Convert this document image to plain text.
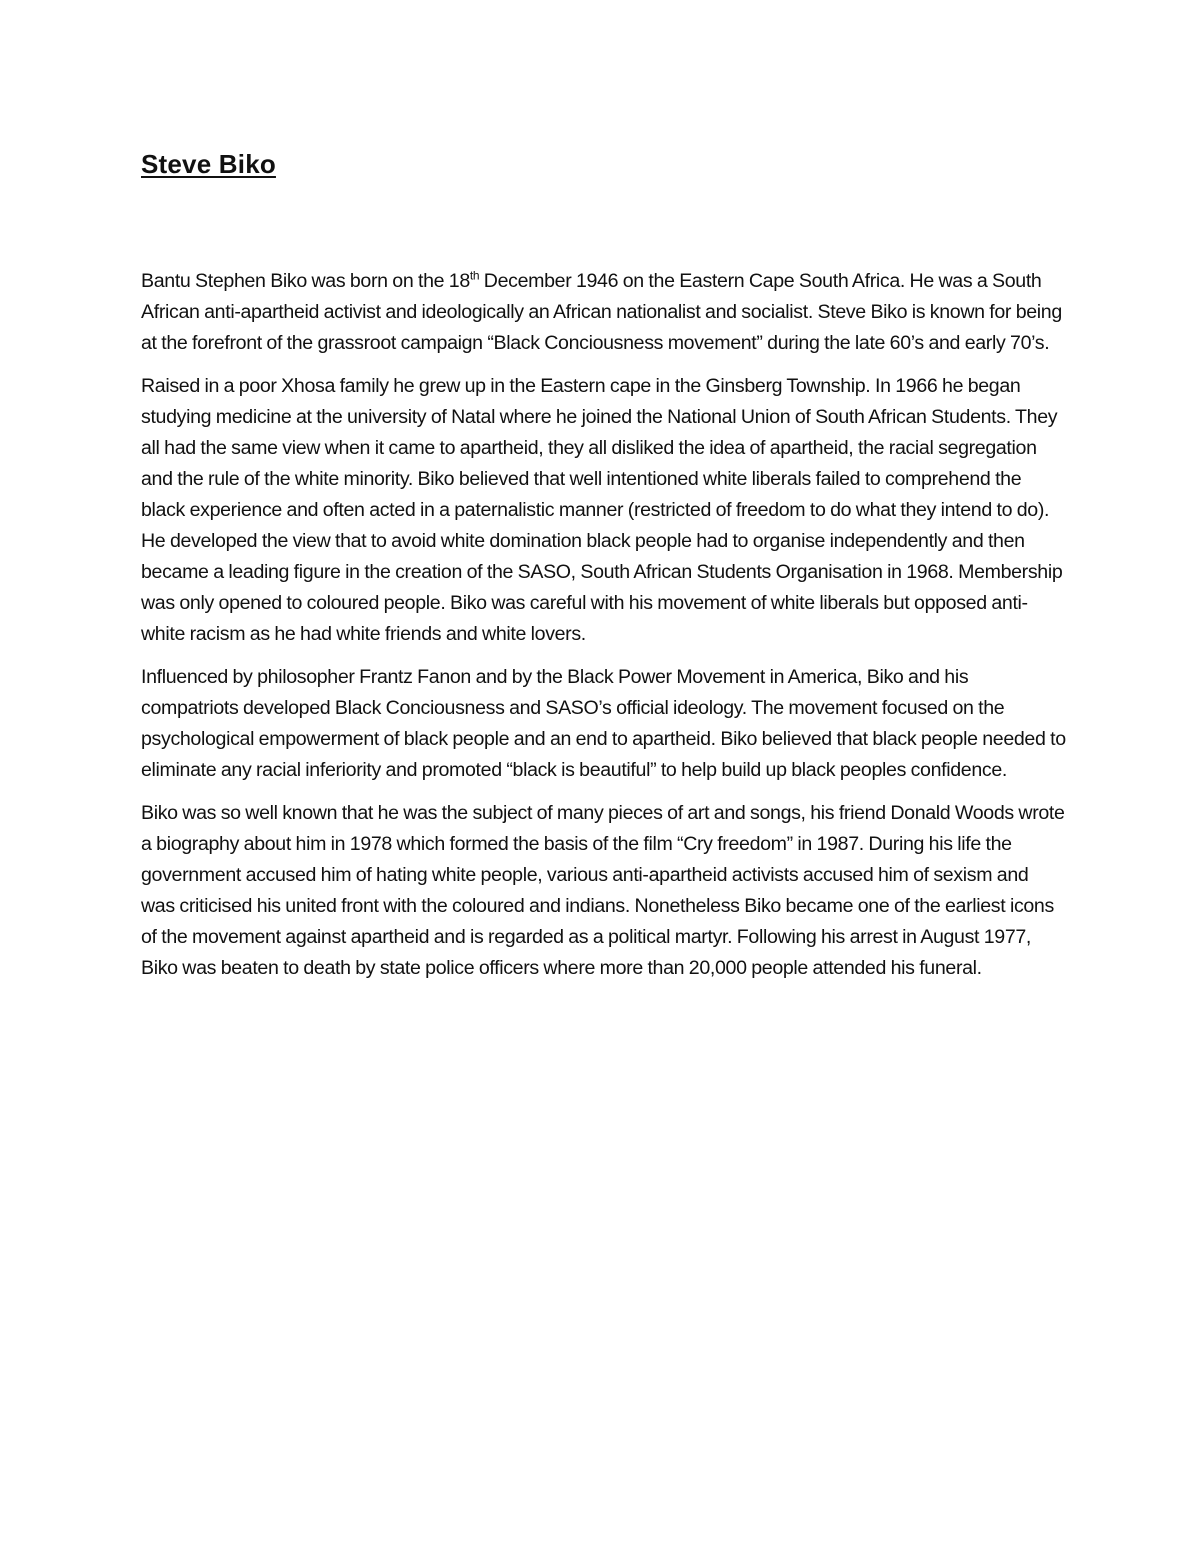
Steve Biko

Bantu Stephen Biko was born on the 18th December 1946 on the Eastern Cape South Africa. He was a South African anti-apartheid activist and ideologically an African nationalist and socialist. Steve Biko is known for being at the forefront of the grassroot campaign “Black Conciousness movement” during the late 60’s and early 70’s.

Raised in a poor Xhosa family he grew up in the Eastern cape in the Ginsberg Township. In 1966 he began studying medicine at the university of Natal where he joined the National Union of South African Students. They all had the same view when it came to apartheid, they all disliked the idea of apartheid, the racial segregation and the rule of the white minority. Biko believed that well intentioned white liberals failed to comprehend the black experience and often acted in a paternalistic manner (restricted of freedom to do what they intend to do). He developed the view that to avoid white domination black people had to organise independently and then became a leading figure in the creation of the SASO, South African Students Organisation in 1968. Membership was only opened to coloured people. Biko was careful with his movement of white liberals but opposed anti-white racism as he had white friends and white lovers.

Influenced by philosopher Frantz Fanon and by the Black Power Movement in America, Biko and his compatriots developed Black Conciousness and SASO’s official ideology. The movement focused on the psychological empowerment of black people and an end to apartheid. Biko believed that black people needed to eliminate any racial inferiority and promoted “black is beautiful” to help build up black peoples confidence.

Biko was so well known that he was the subject of many pieces of art and songs, his friend Donald Woods wrote a biography about him in 1978 which formed the basis of the film “Cry freedom” in 1987. During his life the government accused him of hating white people, various anti-apartheid activists accused him of sexism and was criticised his united front with the coloured and indians. Nonetheless Biko became one of the earliest icons of the movement against apartheid and is regarded as a political martyr. Following his arrest in August 1977, Biko was beaten to death by state police officers where more than 20,000 people attended his funeral.
